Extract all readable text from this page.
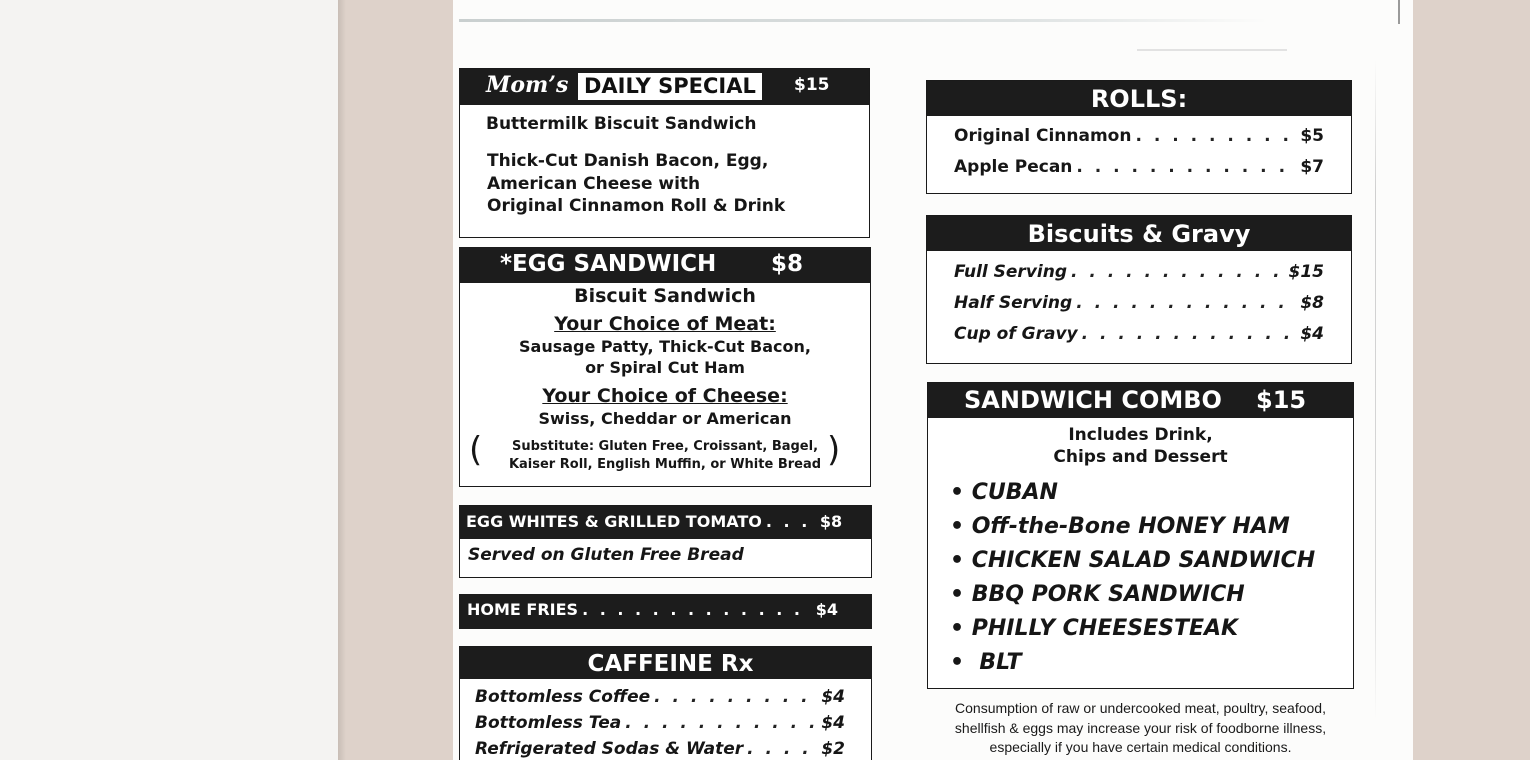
Mom’s DAILY SPECIAL	$15
Buttermilk Biscuit Sandwich
Thick-Cut Danish Bacon, Egg,
American Cheese with
Original Cinnamon Roll & Drink
*EGG SANDWICH $8
Biscuit Sandwich
Your Choice of Meat:
Sausage Patty, Thick-Cut Bacon,
or Spiral Cut Ham
Your Choice of Cheese:
Swiss, Cheddar or American
(	)
Substitute: Gluten Free, Croissant, Bagel,
Kaiser Roll, English Muffin, or White Bread
EGG WHITES & GRILLED TOMATO . . .	$8
Served on Gluten Free Bread
HOME FRIES . . .	$4
CAFFEINE Rx
Bottomless Coffee . . .	$4
Bottomless Tea . . .	$4
Refrigerated Sodas & Water . . .	$2
ROLLS:
Original Cinnamon . . .	$5
Apple Pecan . . .	$7
Biscuits & Gravy
Full Serving . . .	$15
Half Serving . . .	$8
Cup of Gravy . . .	$4
SANDWICH COMBO $15
Includes Drink,
Chips and Dessert
• CUBAN
• Off-the-Bone HONEY HAM
• CHICKEN SALAD SANDWICH
• BBQ PORK SANDWICH
• PHILLY CHEESESTEAK
•  BLT
Consumption of raw or undercooked meat, poultry, seafood,
shellfish & eggs may increase your risk of foodborne illness,
especially if you have certain medical conditions.
